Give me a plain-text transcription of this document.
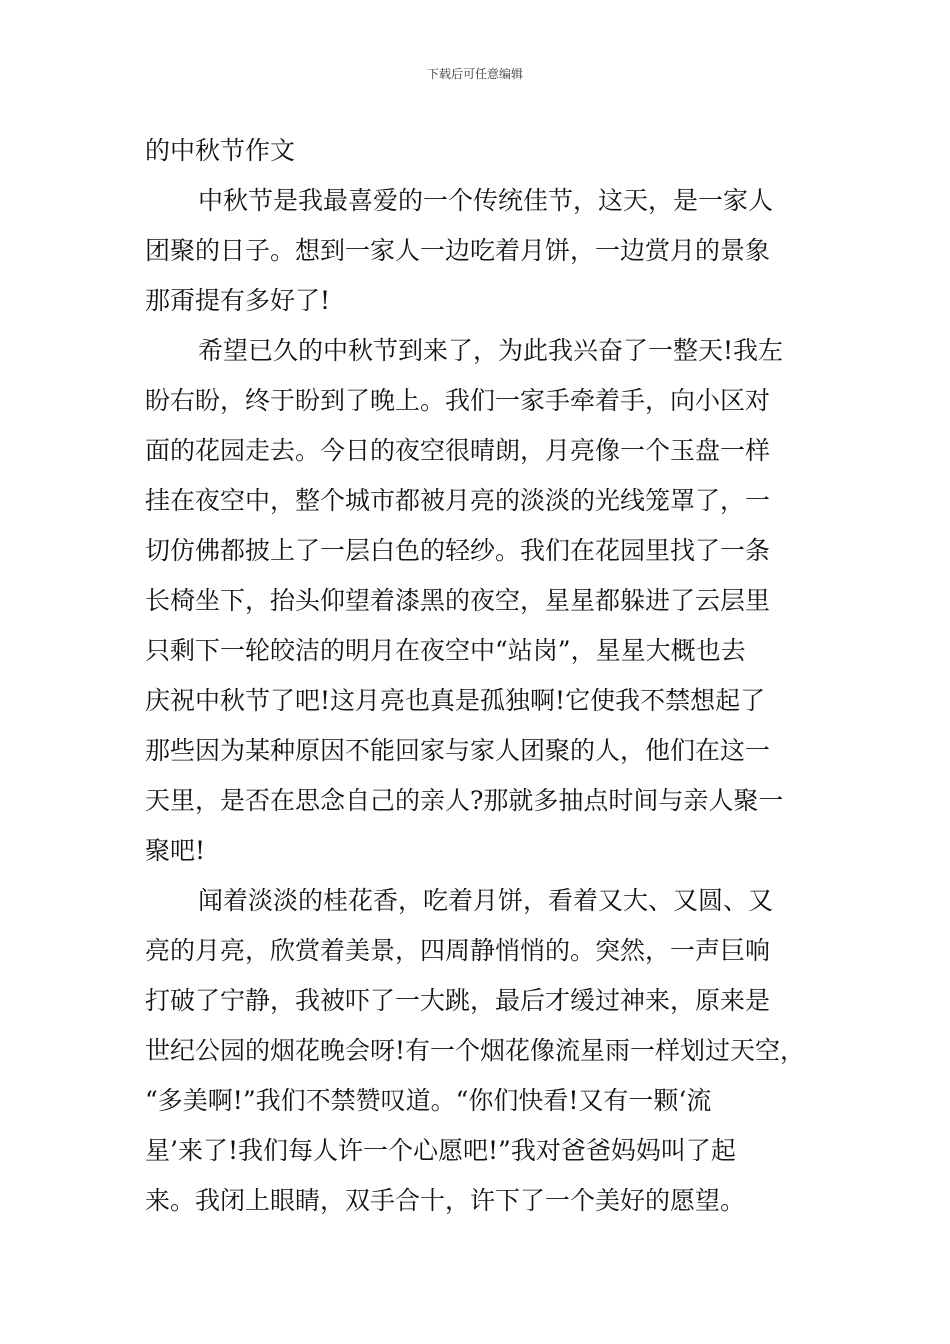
下载后可任意编辑
的中秋节作文
中秋节是我最喜爱的一个传统佳节，这天，是一家人
团聚的日子。想到一家人一边吃着月饼，一边赏月的景象
那甭提有多好了!
希望已久的中秋节到来了，为此我兴奋了一整天!我左
盼右盼，终于盼到了晚上。我们一家手牵着手，向小区对
面的花园走去。今日的夜空很晴朗，月亮像一个玉盘一样
挂在夜空中，整个城市都被月亮的淡淡的光线笼罩了，一
切仿佛都披上了一层白色的轻纱。我们在花园里找了一条
长椅坐下，抬头仰望着漆黑的夜空，星星都躲进了云层里
只剩下一轮皎洁的明月在夜空中“站岗”，星星大概也去
庆祝中秋节了吧!这月亮也真是孤独啊!它使我不禁想起了
那些因为某种原因不能回家与家人团聚的人，他们在这一
天里，是否在思念自己的亲人?那就多抽点时间与亲人聚一
聚吧!
闻着淡淡的桂花香，吃着月饼，看着又大、又圆、又
亮的月亮，欣赏着美景，四周静悄悄的。突然，一声巨响
打破了宁静，我被吓了一大跳，最后才缓过神来，原来是
世纪公园的烟花晚会呀!有一个烟花像流星雨一样划过天空，
“多美啊!”我们不禁赞叹道。“你们快看!又有一颗‘流
星’来了!我们每人许一个心愿吧!”我对爸爸妈妈叫了起
来。我闭上眼睛，双手合十，许下了一个美好的愿望。
